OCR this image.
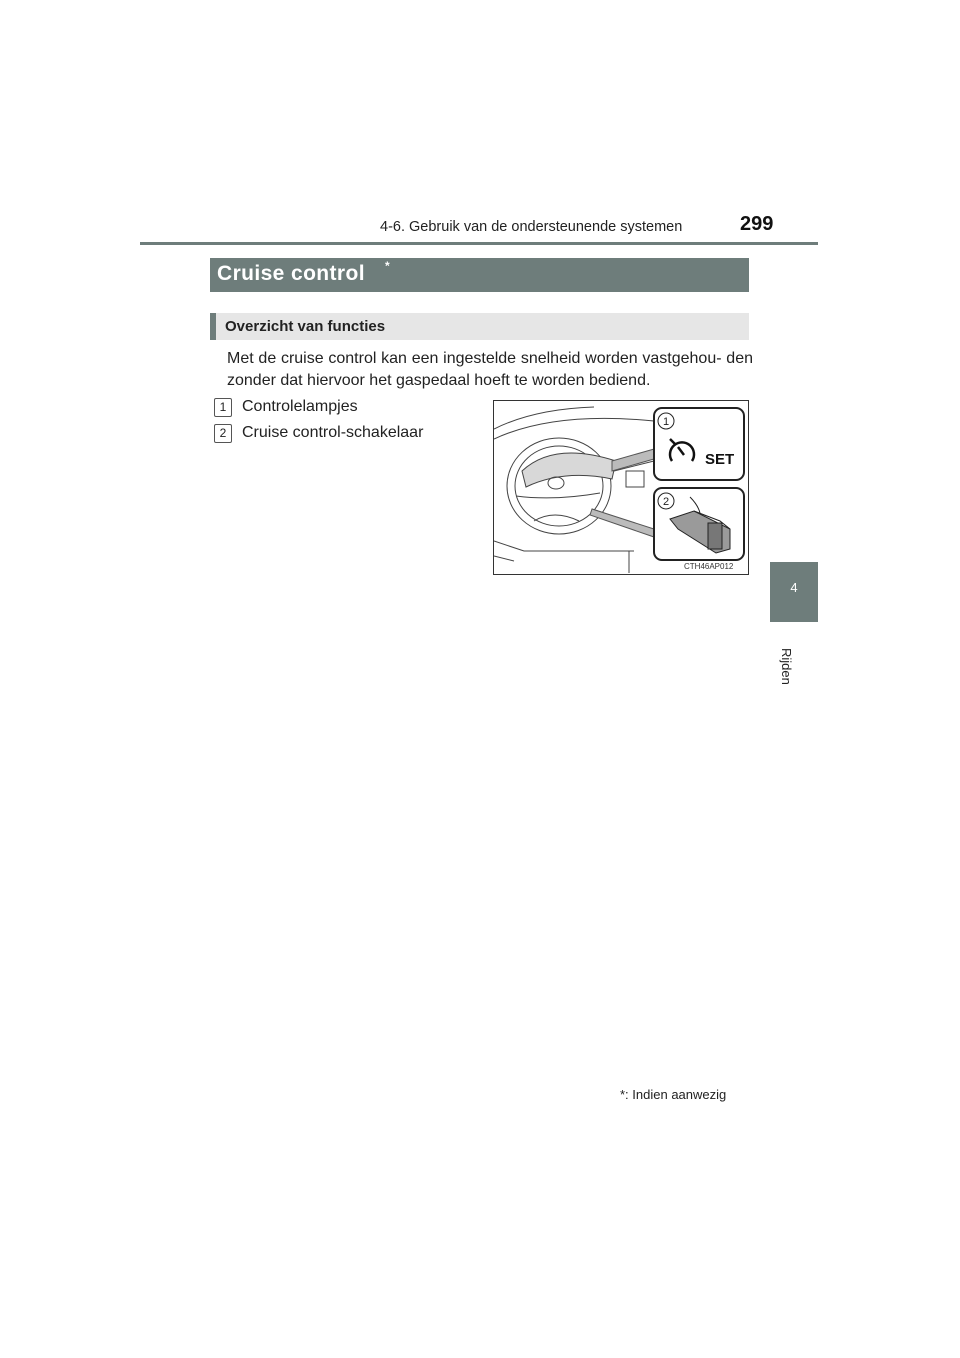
4-6. Gebruik van de ondersteunende systemen	299
4
Rijden
Cruise control *
Overzicht van functies
Met de cruise control kan een ingestelde snelheid worden vastgehou- den zonder dat hiervoor het gaspedaal hoeft te worden bediend.
1 Controlelampjes
2 Cruise control-schakelaar
1
SET
2
CTH46AP012
*: Indien aanwezig
